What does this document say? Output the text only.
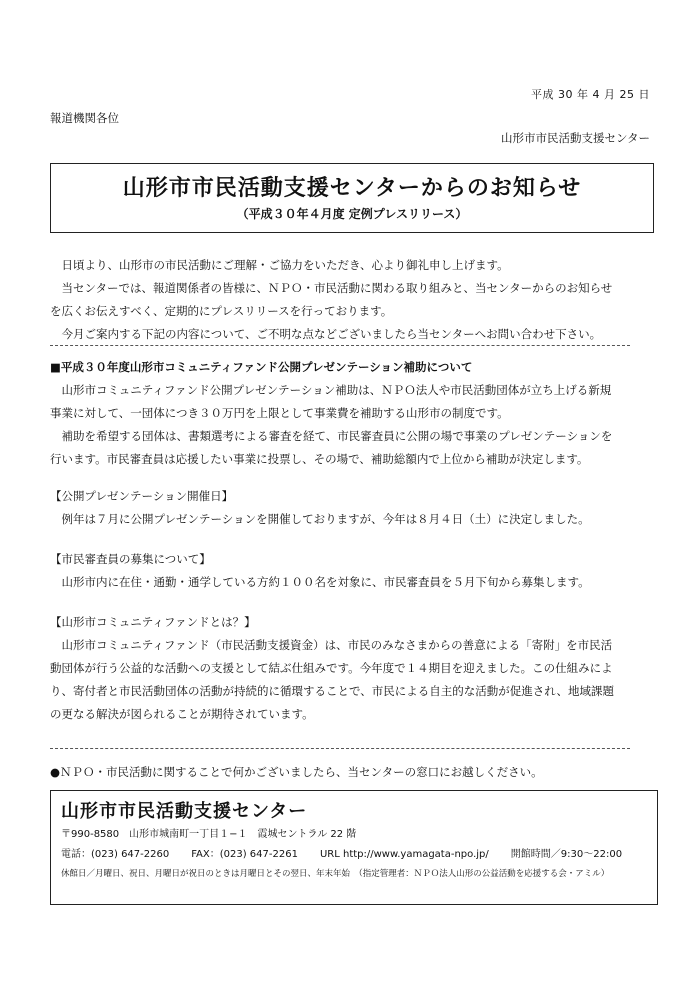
平成 30 年 4 月 25 日
報道機関各位
山形市市民活動支援センター
山形市市民活動支援センターからのお知らせ
（平成３０年４月度 定例プレスリリース）

日頃より、山形市の市民活動にご理解・ご協力をいただき、心より御礼申し上げます。

当センターでは、報道関係者の皆様に、ＮＰＯ・市民活動に関わる取り組みと、当センターからのお知らせ

を広くお伝えすべく、定期的にプレスリリースを行っております。

今月ご案内する下記の内容について、ご不明な点などございましたら当センターへお問い合わせ下さい。

■平成３０年度山形市コミュニティファンド公開プレゼンテーション補助について

山形市コミュニティファンド公開プレゼンテーション補助は、ＮＰＯ法人や市民活動団体が立ち上げる新規

事業に対して、一団体につき３０万円を上限として事業費を補助する山形市の制度です。

補助を希望する団体は、書類選考による審査を経て、市民審査員に公開の場で事業のプレゼンテーションを

行います。市民審査員は応援したい事業に投票し、その場で、補助総額内で上位から補助が決定します。

【公開プレゼンテーション開催日】

例年は７月に公開プレゼンテーションを開催しておりますが、今年は８月４日（土）に決定しました。

【市民審査員の募集について】

山形市内に在住・通勤・通学している方約１００名を対象に、市民審査員を５月下旬から募集します。

【山形市コミュニティファンドとは？】

山形市コミュニティファンド（市民活動支援資金）は、市民のみなさまからの善意による「寄附」を市民活

動団体が行う公益的な活動への支援として結ぶ仕組みです。今年度で１４期目を迎えました。この仕組みによ

り、寄付者と市民活動団体の活動が持続的に循環することで、市民による自主的な活動が促進され、地域課題

の更なる解決が図られることが期待されています。

●ＮＰＯ・市民活動に関することで何かございましたら、当センターの窓口にお越しください。
山形市市民活動支援センター
〒990-8580　山形市城南町一丁目１−１　霞城セントラル 22 階
電話：(023) 647-2260 FAX：(023) 647-2261 URL http://www.yamagata-npo.jp/ 開館時間／9:30〜22:00
休館日／月曜日、祝日、月曜日が祝日のときは月曜日とその翌日、年末年始　 （指定管理者：ＮＰＯ法人山形の公益活動を応援する会・アミル）
